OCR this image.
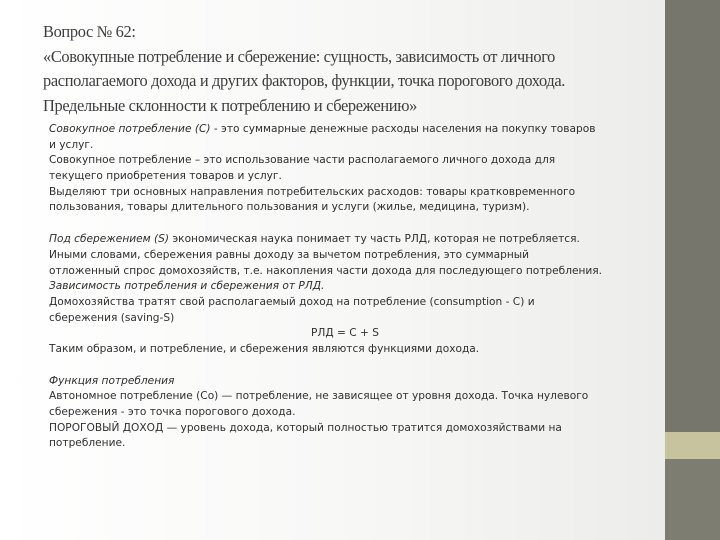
Вопрос № 62:
«Совокупные потребление и сбережение: сущность, зависимость от личного
располагаемого дохода и других факторов, функции, точка порогового дохода.
Предельные склонности к потреблению и сбережению»
Совокупное потребление (С) - это суммарные денежные расходы населения на покупку товаров
и услуг.
Совокупное потребление – это использование части располагаемого личного дохода для
текущего приобретения товаров и услуг.
Выделяют три основных направления потребительских расходов: товары кратковременного
пользования, товары длительного пользования и услуги (жилье, медицина, туризм).
Под сбережением (S) экономическая наука понимает ту часть РЛД, которая не потребляется.
Иными словами, сбережения равны доходу за вычетом потребления, это суммарный
отложенный спрос домохозяйств, т.е. накопления части дохода для последующего потребления.
Зависимость потребления и сбережения от РЛД.
Домохозяйства тратят свой располагаемый доход на потребление (consumption - C) и
сбережения (saving-S)
РЛД = С + S
Таким образом, и потребление, и сбережения являются функциями дохода.
Функция потребления
Автономное потребление (Со) — потребление, не зависящее от уровня дохода. Точка нулевого
сбережения - это точка порогового дохода.
ПОРОГОВЫЙ ДОХОД — уровень дохода, который полностью тратится домохозяйствами на
потребление.
